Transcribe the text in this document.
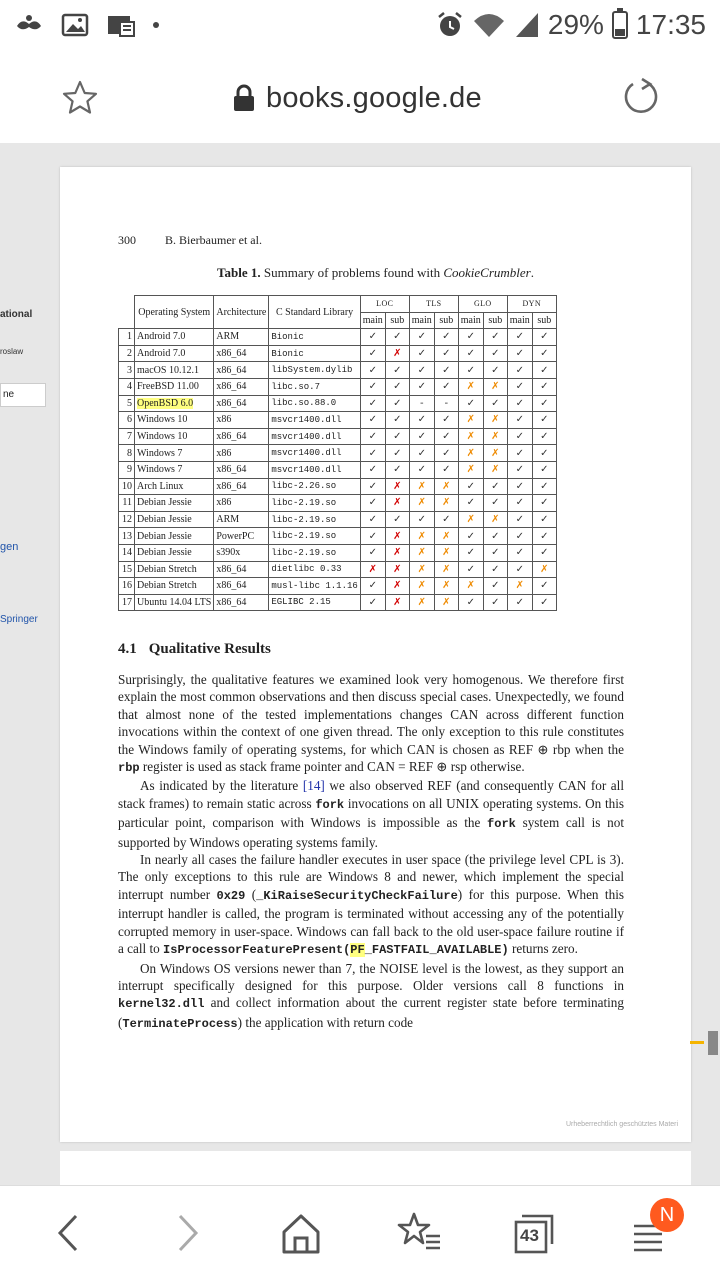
29% 17:35
books.google.de
ational
roslaw
ne
gen
Springer
300 B. Bierbaumer et al.
Table 1. Summary of problems found with CookieCrumbler.
	Operating System	Architecture	C Standard Library	LOC		TLS		GLO		DYN	
				main	sub	main	sub	main	sub	main	sub
1	Android 7.0	ARM	Bionic	✓	✓	✓	✓	✓	✓	✓	✓
2	Android 7.0	x86_64	Bionic	✓	✗	✓	✓	✓	✓	✓	✓
3	macOS 10.12.1	x86_64	libSystem.dylib	✓	✓	✓	✓	✓	✓	✓	✓
4	FreeBSD 11.00	x86_64	libc.so.7	✓	✓	✓	✓	✗	✗	✓	✓
5	OpenBSD 6.0	x86_64	libc.so.88.0	✓	✓	-	-	✓	✓	✓	✓
6	Windows 10	x86	msvcr1400.dll	✓	✓	✓	✓	✗	✗	✓	✓
7	Windows 10	x86_64	msvcr1400.dll	✓	✓	✓	✓	✗	✗	✓	✓
8	Windows 7	x86	msvcr1400.dll	✓	✓	✓	✓	✗	✗	✓	✓
9	Windows 7	x86_64	msvcr1400.dll	✓	✓	✓	✓	✗	✗	✓	✓
10	Arch Linux	x86_64	libc-2.26.so	✓	✗	✗	✗	✓	✓	✓	✓
11	Debian Jessie	x86	libc-2.19.so	✓	✗	✗	✗	✓	✓	✓	✓
12	Debian Jessie	ARM	libc-2.19.so	✓	✓	✓	✓	✗	✗	✓	✓
13	Debian Jessie	PowerPC	libc-2.19.so	✓	✗	✗	✗	✓	✓	✓	✓
14	Debian Jessie	s390x	libc-2.19.so	✓	✗	✗	✗	✓	✓	✓	✓
15	Debian Stretch	x86_64	dietlibc 0.33	✗	✗	✗	✗	✓	✓	✓	✗
16	Debian Stretch	x86_64	musl-libc 1.1.16	✓	✗	✗	✗	✗	✓	✗	✓
17	Ubuntu 14.04 LTS	x86_64	EGLIBC 2.15	✓	✗	✗	✗	✓	✓	✓	✓
4.1 Qualitative Results

Surprisingly, the qualitative features we examined look very homogenous. We therefore first explain the most common observations and then discuss special cases. Unexpectedly, we found that almost none of the tested implementations changes CAN across different function invocations within the context of one given thread. The only exception to this rule constitutes the Windows family of operating systems, for which CAN is chosen as REF ⊕ rbp when the rbp register is used as stack frame pointer and CAN = REF ⊕ rsp otherwise.

As indicated by the literature [14] we also observed REF (and consequently CAN for all stack frames) to remain static across fork invocations on all UNIX operating systems. On this particular point, comparison with Windows is impossible as the fork system call is not supported by Windows operating systems family.

In nearly all cases the failure handler executes in user space (the privilege level CPL is 3). The only exceptions to this rule are Windows 8 and newer, which implement the special interrupt number 0x29 (_KiRaiseSecurityCheckFailure) for this purpose. When this interrupt handler is called, the program is terminated without accessing any of the potentially corrupted memory in user-space. Windows can fall back to the old user-space failure routine if a call to IsProcessorFeaturePresent(PF_FASTFAIL_AVAILABLE) returns zero.

On Windows OS versions newer than 7, the NOISE level is the lowest, as they support an interrupt specifically designed for this purpose. Older versions call 8 functions in kernel32.dll and collect information about the current register state before terminating (TerminateProcess) the application with return code

Urheberrechtlich geschütztes Materi
43
N
